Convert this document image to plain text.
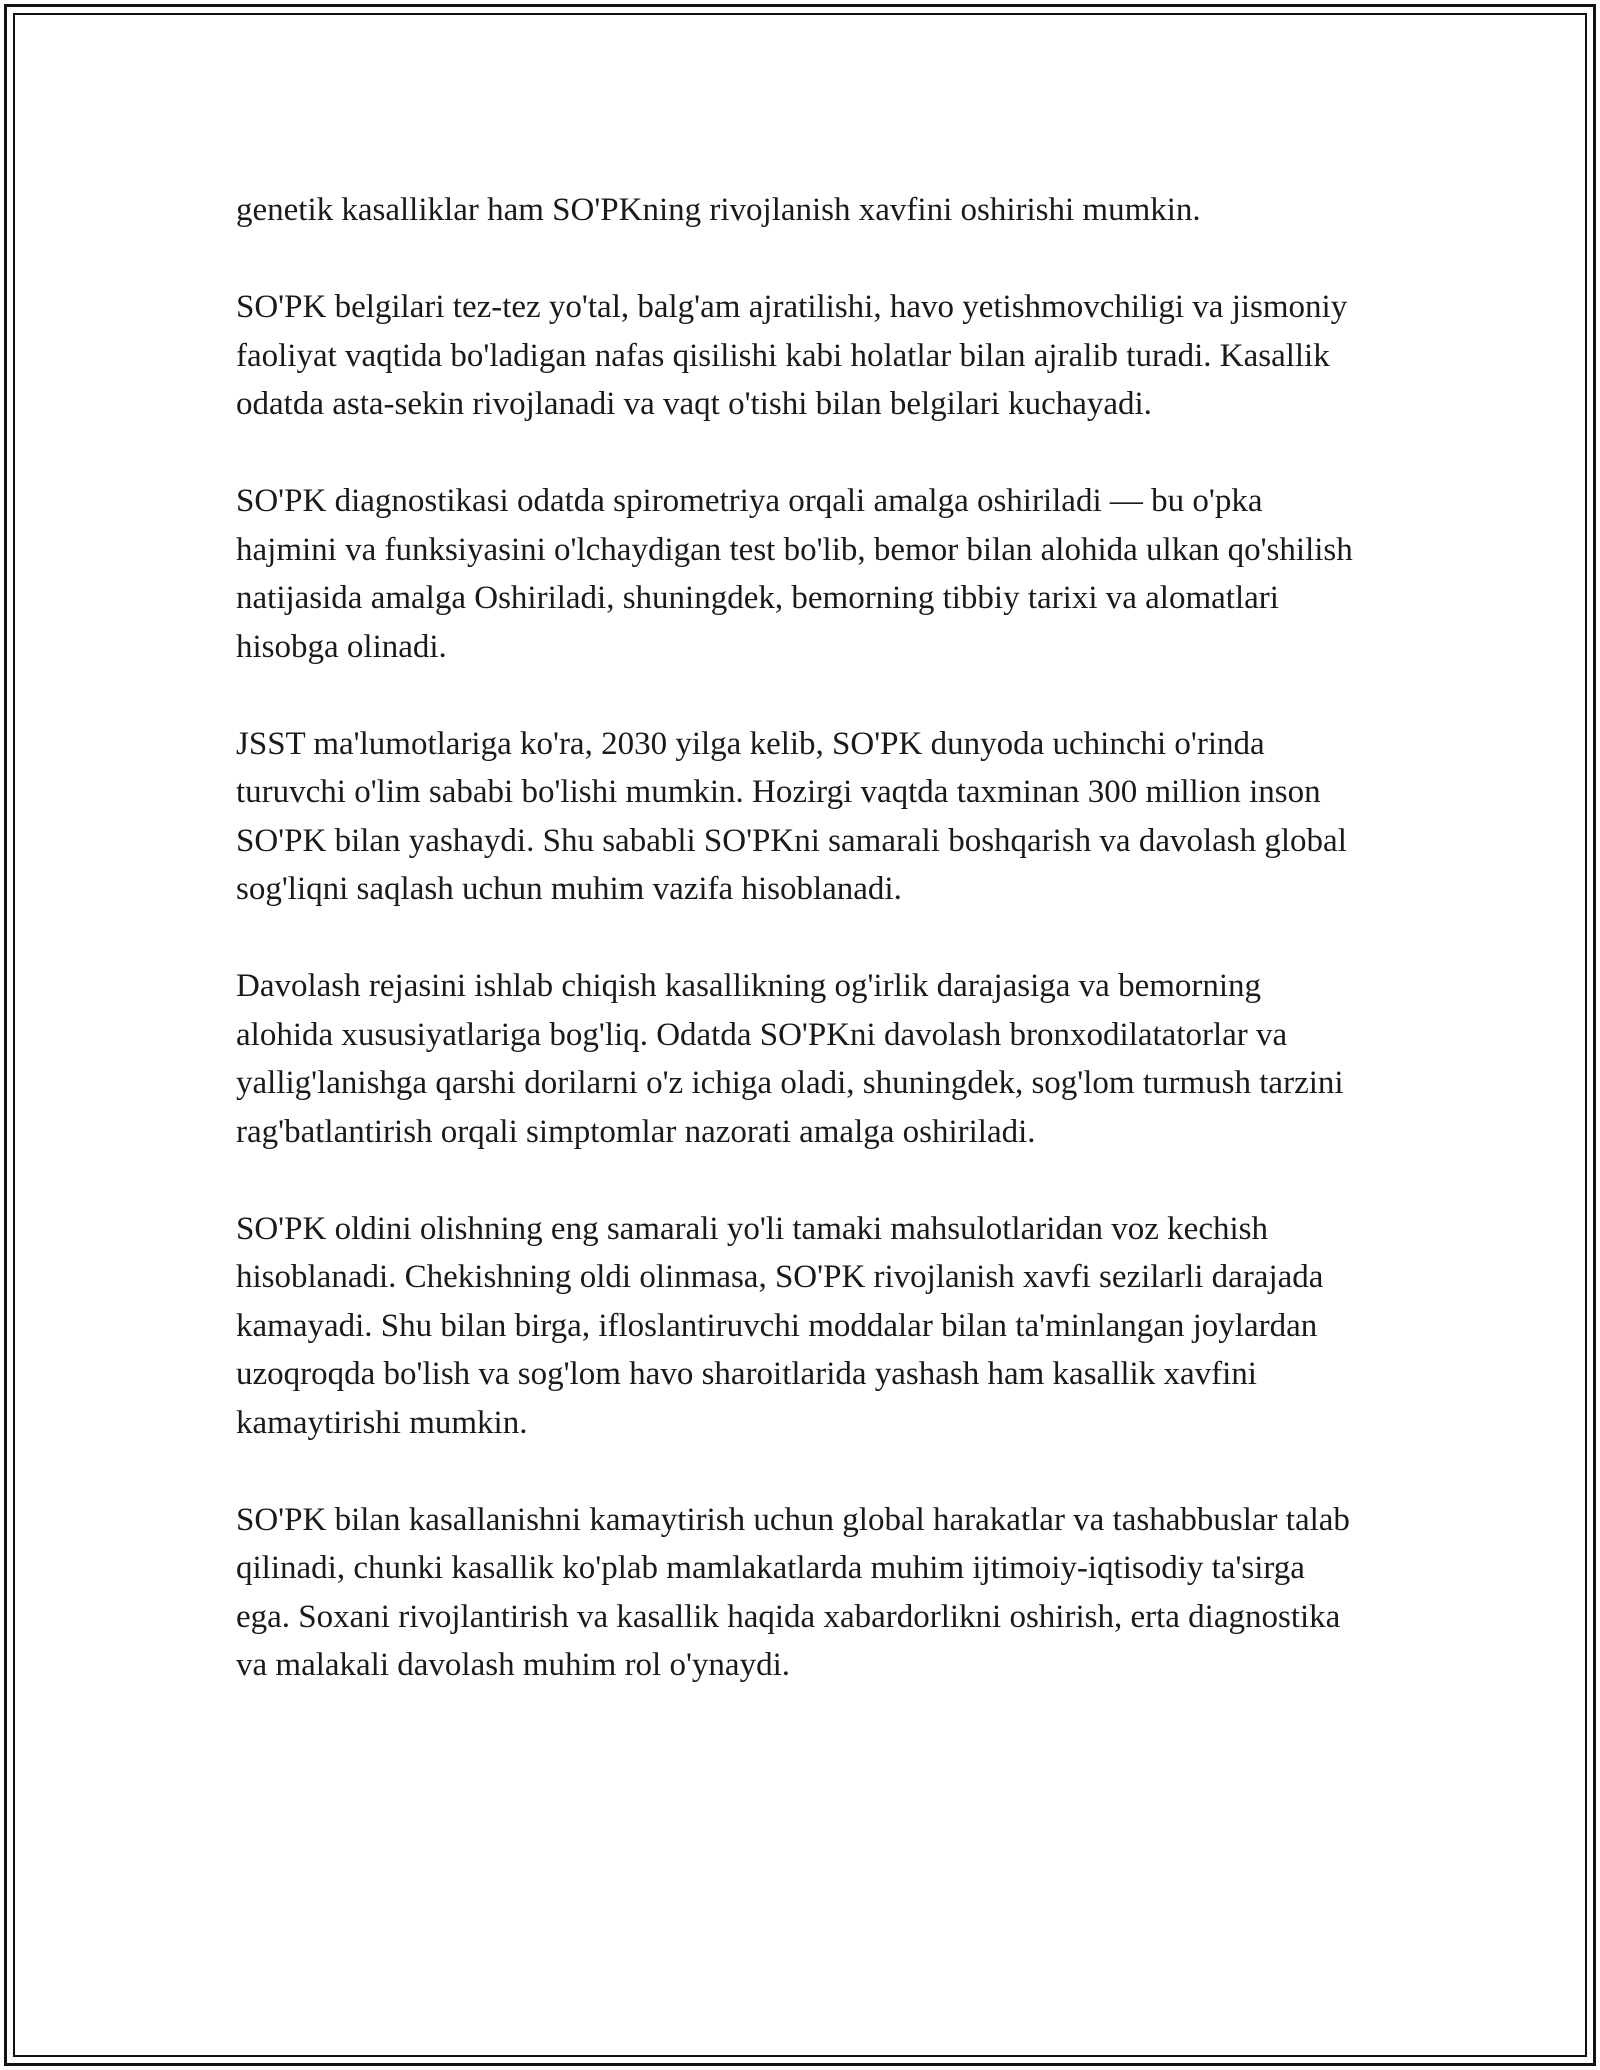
genetik kasalliklar ham SO'PKning rivojlanish xavfini oshirishi mumkin.

SO'PK belgilari tez-tez yo'tal, balg'am ajratilishi, havo yetishmovchiligi va jismoniy faoliyat vaqtida bo'ladigan nafas qisilishi kabi holatlar bilan ajralib turadi. Kasallik odatda asta-sekin rivojlanadi va vaqt o'tishi bilan belgilari kuchayadi.

SO'PK diagnostikasi odatda spirometriya orqali amalga oshiriladi — bu o'pka hajmini va funksiyasini o'lchaydigan test bo'lib, bemor bilan alohida ulkan qo'shilish natijasida amalga Oshiriladi, shuningdek, bemorning tibbiy tarixi va alomatlari hisobga olinadi.

JSST ma'lumotlariga ko'ra, 2030 yilga kelib, SO'PK dunyoda uchinchi o'rinda turuvchi o'lim sababi bo'lishi mumkin. Hozirgi vaqtda taxminan 300 million inson SO'PK bilan yashaydi. Shu sababli SO'PKni samarali boshqarish va davolash global sog'liqni saqlash uchun muhim vazifa hisoblanadi.

Davolash rejasini ishlab chiqish kasallikning og'irlik darajasiga va bemorning alohida xususiyatlariga bog'liq. Odatda SO'PKni davolash bronxodilatatorlar va yallig'lanishga qarshi dorilarni o'z ichiga oladi, shuningdek, sog'lom turmush tarzini rag'batlantirish orqali simptomlar nazorati amalga oshiriladi.

SO'PK oldini olishning eng samarali yo'li tamaki mahsulotlaridan voz kechish hisoblanadi. Chekishning oldi olinmasa, SO'PK rivojlanish xavfi sezilarli darajada kamayadi. Shu bilan birga, ifloslantiruvchi moddalar bilan ta'minlangan joylardan uzoqroqda bo'lish va sog'lom havo sharoitlarida yashash ham kasallik xavfini kamaytirishi mumkin.

SO'PK bilan kasallanishni kamaytirish uchun global harakatlar va tashabbuslar talab qilinadi, chunki kasallik ko'plab mamlakatlarda muhim ijtimoiy-iqtisodiy ta'sirga ega. Soxani rivojlantirish va kasallik haqida xabardorlikni oshirish, erta diagnostika va malakali davolash muhim rol o'ynaydi.
